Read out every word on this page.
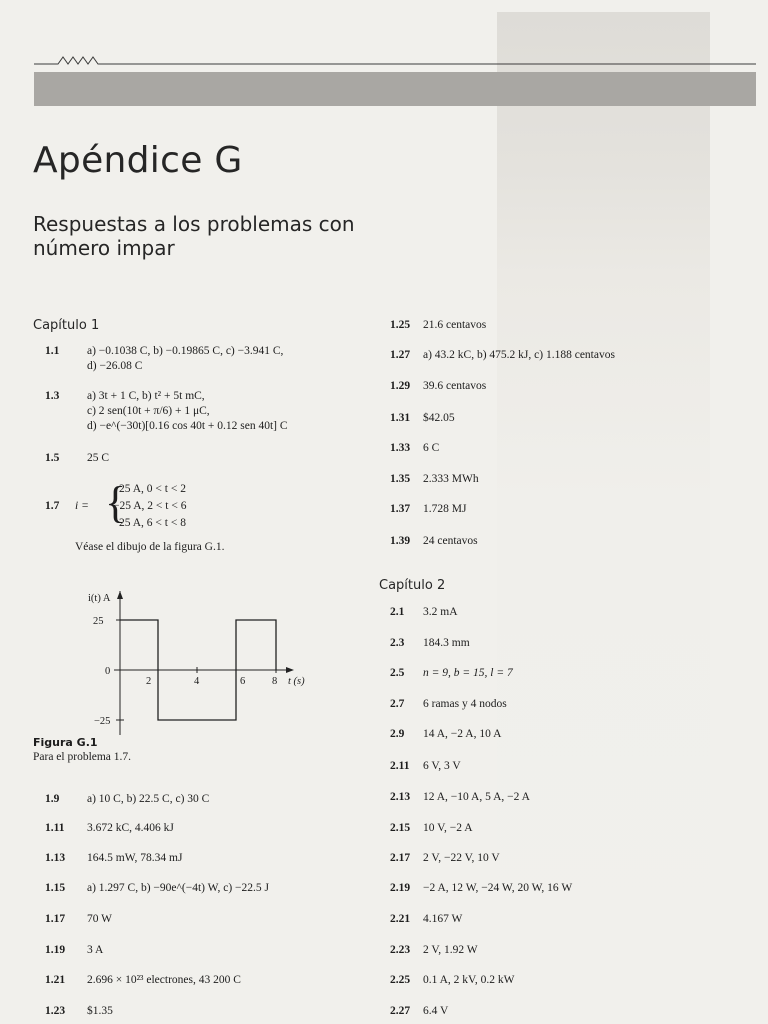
Apéndice G
Respuestas a los problemas con número impar
Capítulo 1
1.1 a) −0.1038 C, b) −0.19865 C, c) −3.941 C,
d) −26.08 C
1.3 a) 3t + 1 C, b) t² + 5t mC,
c) 2 sen(10t + π/6) + 1 μC,
d) −e^(−30t)[0.16 cos 40t + 0.12 sen 40t] C
1.5 25 C
1.7 i = {
25 A, 0 < t < 2
−25 A, 2 < t < 6
25 A, 6 < t < 8
Véase el dibujo de la figura G.1.
i(t) A
25
0
−25
2	4	6	8 t (s)
Figura G.1
Para el problema 1.7.
1.9 a) 10 C, b) 22.5 C, c) 30 C
1.11 3.672 kC, 4.406 kJ
1.13 164.5 mW, 78.34 mJ
1.15 a) 1.297 C, b) −90e^(−4t) W, c) −22.5 J
1.17 70 W
1.19 3 A
1.21 2.696 × 10²³ electrones, 43 200 C
1.23 $1.35
1.25 21.6 centavos
1.27 a) 43.2 kC, b) 475.2 kJ, c) 1.188 centavos
1.29 39.6 centavos
1.31 $42.05
1.33 6 C
1.35 2.333 MWh
1.37 1.728 MJ
1.39 24 centavos
Capítulo 2
2.1 3.2 mA
2.3 184.3 mm
2.5 n = 9, b = 15, l = 7
2.7 6 ramas y 4 nodos
2.9 14 A, −2 A, 10 A
2.11 6 V, 3 V
2.13 12 A, −10 A, 5 A, −2 A
2.15 10 V, −2 A
2.17 2 V, −22 V, 10 V
2.19 −2 A, 12 W, −24 W, 20 W, 16 W
2.21 4.167 W
2.23 2 V, 1.92 W
2.25 0.1 A, 2 kV, 0.2 kW
2.27 6.4 V
